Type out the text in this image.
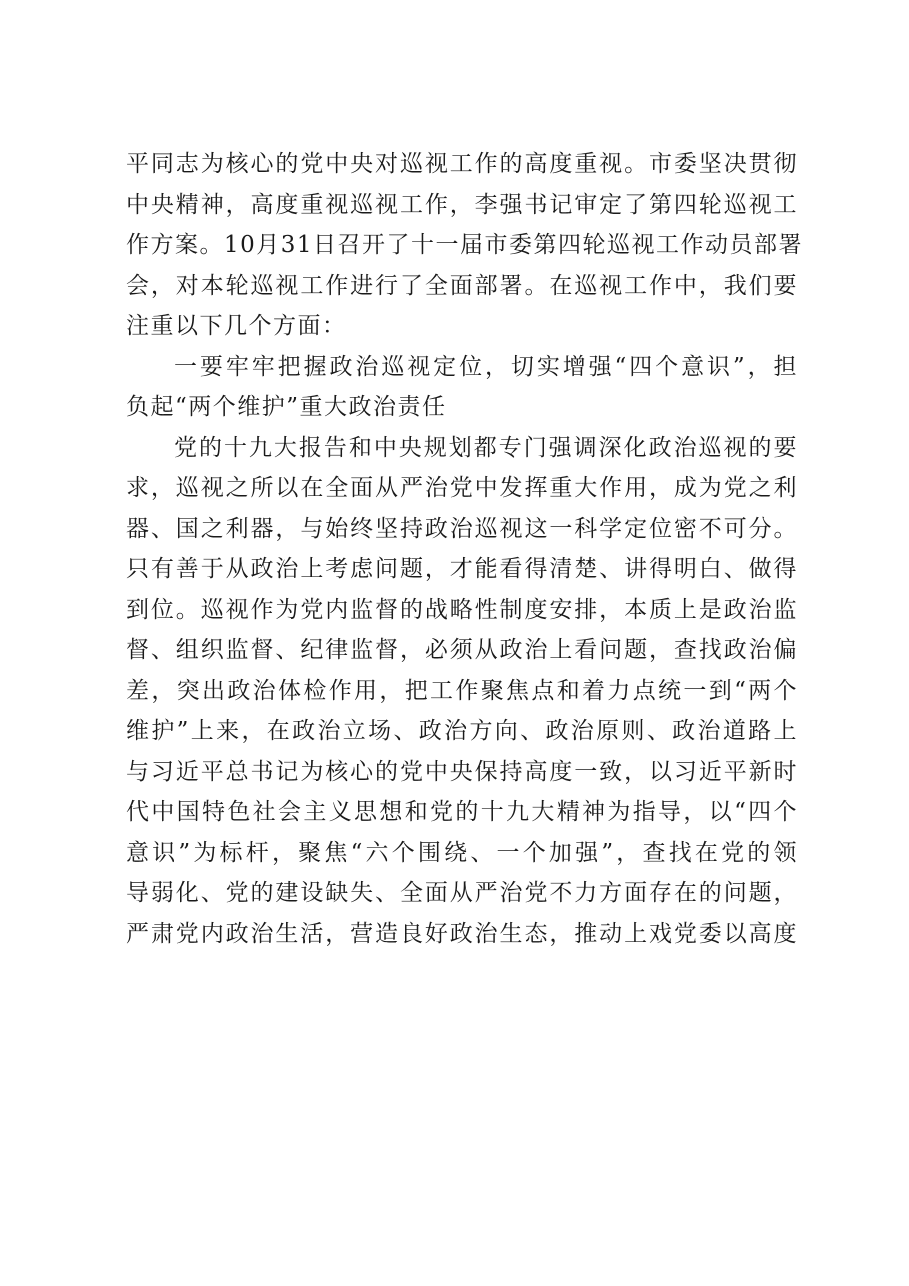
平同志为核心的党中央对巡视工作的高度重视。市委坚决贯彻
中央精神，高度重视巡视工作，李强书记审定了第四轮巡视工
作方案。10月31日召开了十一届市委第四轮巡视工作动员部署
会，对本轮巡视工作进行了全面部署。在巡视工作中，我们要
注重以下几个方面：
一要牢牢把握政治巡视定位，切实增强“四个意识”，担
负起“两个维护”重大政治责任
党的十九大报告和中央规划都专门强调深化政治巡视的要
求，巡视之所以在全面从严治党中发挥重大作用，成为党之利
器、国之利器，与始终坚持政治巡视这一科学定位密不可分。
只有善于从政治上考虑问题，才能看得清楚、讲得明白、做得
到位。巡视作为党内监督的战略性制度安排，本质上是政治监
督、组织监督、纪律监督，必须从政治上看问题，查找政治偏
差，突出政治体检作用，把工作聚焦点和着力点统一到“两个
维护”上来，在政治立场、政治方向、政治原则、政治道路上
与习近平总书记为核心的党中央保持高度一致，以习近平新时
代中国特色社会主义思想和党的十九大精神为指导，以“四个
意识”为标杆，聚焦“六个围绕、一个加强”，查找在党的领
导弱化、党的建设缺失、全面从严治党不力方面存在的问题，
严肃党内政治生活，营造良好政治生态，推动上戏党委以高度
